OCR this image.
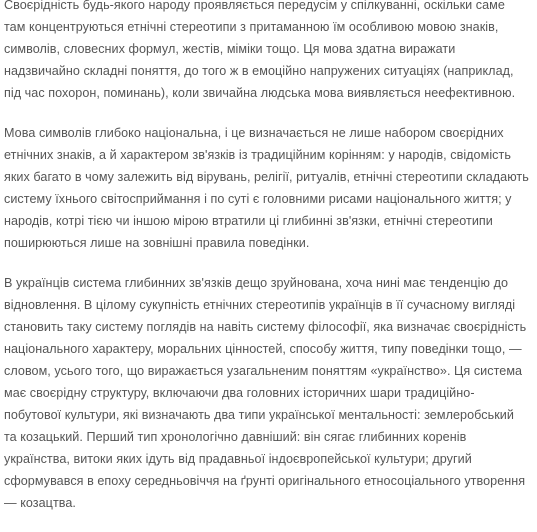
Своєрідність будь-якого народу проявляється передусім у спілкуванні, оскільки саме
там концентруються етнічні стереотипи з притаманною їм особливою мовою знаків,
символів, словесних формул, жестів, міміки тощо. Ця мова здатна виражати
надзвичайно складні поняття, до того ж в емоційно напружених ситуаціях (наприклад,
під час похорон, поминань), коли звичайна людська мова виявляється неефективною.

Мова символів глибоко національна, і це визначається не лише набором своєрідних
етнічних знаків, а й характером зв'язків із традиційним корінням: у народів, свідомість
яких багато в чому залежить від вірувань, релігії, ритуалів, етнічні стереотипи складають
систему їхнього світосприймання і по суті є головними рисами національного життя; у
народів, котрі тією чи іншою мірою втратили ці глибинні зв'язки, етнічні стереотипи
поширюються лише на зовнішні правила поведінки.

В українців система глибинних зв'язків дещо зруйнована, хоча нині має тенденцію до
відновлення. В цілому сукупність етнічних стереотипів українців в її сучасному вигляді
становить таку систему поглядів на навіть систему філософії, яка визначає своєрідність
національного характеру, моральних цінностей, способу життя, типу поведінки тощо, —
словом, усього того, що виражається узагальненим поняттям «українство». Ця система
має своєрідну структуру, включаючи два головних історичних шари традиційно-
побутової культури, які визначають два типи української ментальності: землеробський
та козацький. Перший тип хронологічно давніший: він сягає глибинних коренів
українства, витоки яких ідуть від прадавньої індоєвропейської культури; другий
сформувався в епоху середньовіччя на ґрунті оригінального етносоціального утворення
— козацтва.
